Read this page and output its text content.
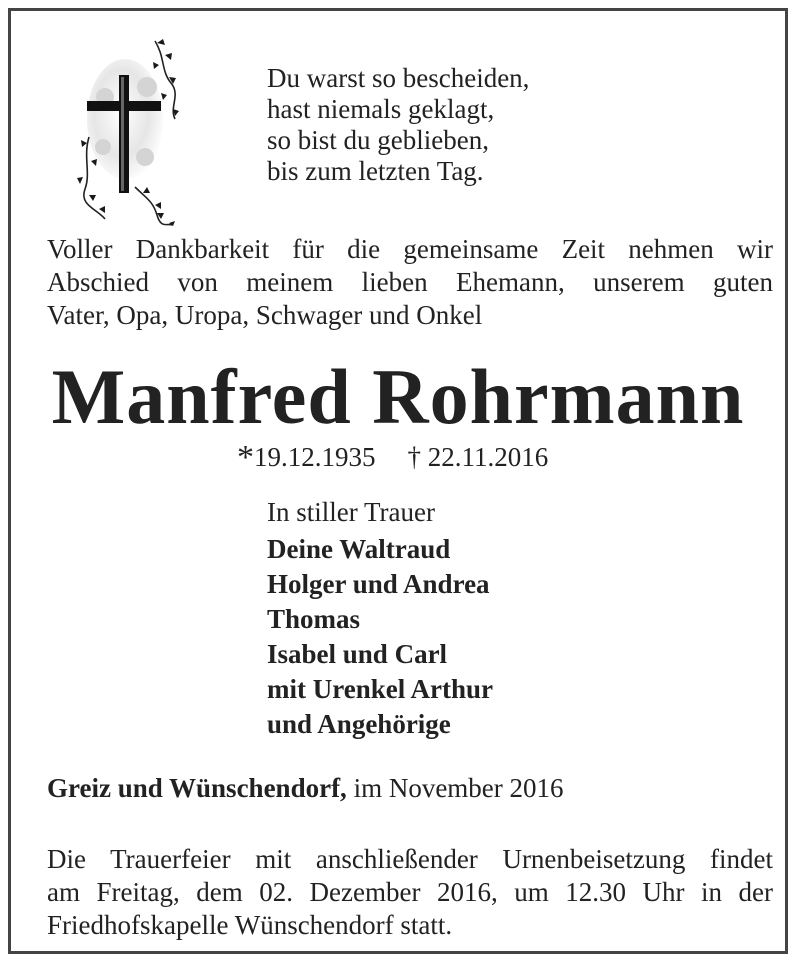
Du warst so bescheiden,
hast niemals geklagt,
so bist du geblieben,
bis zum letzten Tag.
Voller Dankbarkeit für die gemeinsame Zeit nehmen wir
Abschied von meinem lieben Ehemann, unserem guten
Vater, Opa, Uropa, Schwager und Onkel
Manfred Rohrmann
*19.12.1935 † 22.11.2016
In stiller Trauer
Deine Waltraud
Holger und Andrea
Thomas
Isabel und Carl
mit Urenkel Arthur
und Angehörige
Greiz und Wünschendorf, im November 2016
Die Trauerfeier mit anschließender Urnenbeisetzung findet
am Freitag, dem 02. Dezember 2016, um 12.30 Uhr in der
Friedhofskapelle Wünschendorf statt.
